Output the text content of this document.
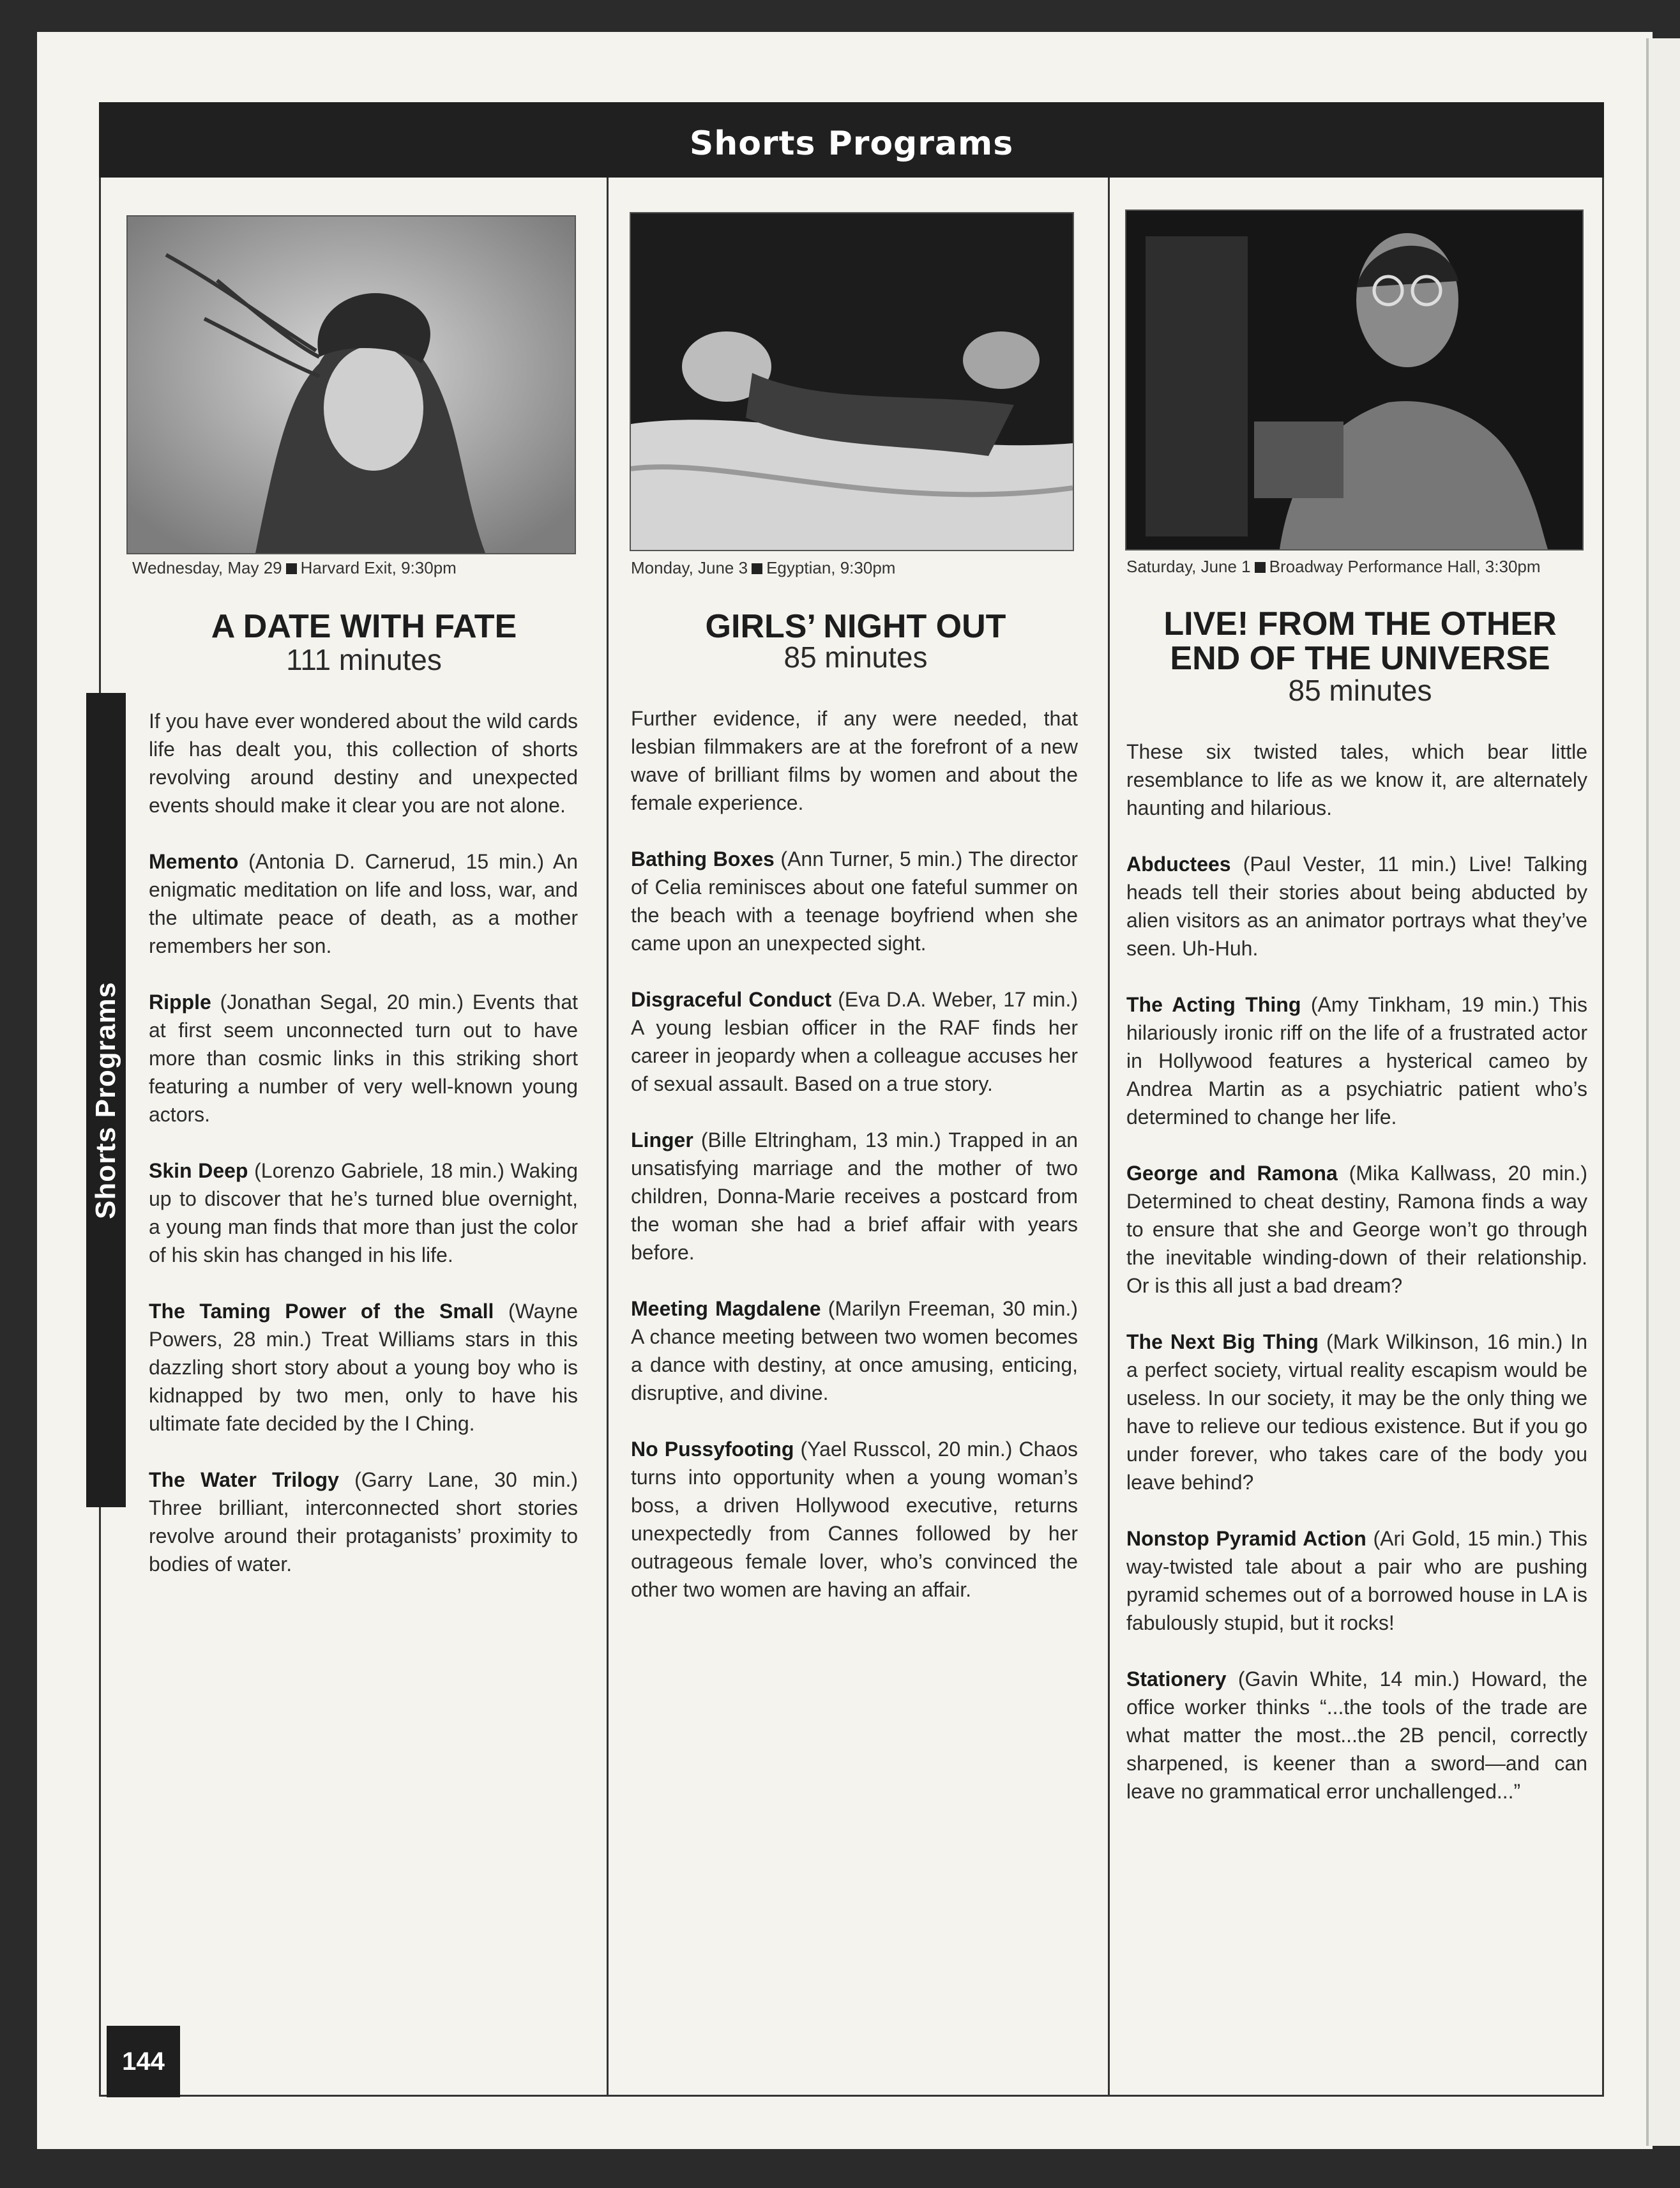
Shorts Programs
Wednesday, May 29 Harvard Exit, 9:30pm
A DATE WITH FATE
111 minutes

If you have ever wondered about the wild cards life has dealt you, this collection of shorts revolving around destiny and unexpected events should make it clear you are not alone.

Memento (Antonia D. Carnerud, 15 min.) An enigmatic meditation on life and loss, war, and the ultimate peace of death, as a mother remembers her son.

Ripple (Jonathan Segal, 20 min.) Events that at first seem unconnected turn out to have more than cosmic links in this striking short featuring a number of very well-known young actors.

Skin Deep (Lorenzo Gabriele, 18 min.) Waking up to discover that he’s turned blue overnight, a young man finds that more than just the color of his skin has changed in his life.

The Taming Power of the Small (Wayne Powers, 28 min.) Treat Williams stars in this dazzling short story about a young boy who is kidnapped by two men, only to have his ultimate fate decided by the I Ching.

The Water Trilogy (Garry Lane, 30 min.) Three brilliant, interconnected short stories revolve around their protaganists’ proximity to bodies of water.

Monday, June 3 Egyptian, 9:30pm
GIRLS’ NIGHT OUT
85 minutes

Further evidence, if any were needed, that lesbian filmmakers are at the forefront of a new wave of brilliant films by women and about the female experience.

Bathing Boxes (Ann Turner, 5 min.) The director of Celia reminisces about one fateful summer on the beach with a teenage boyfriend when she came upon an unexpected sight.

Disgraceful Conduct (Eva D.A. Weber, 17 min.) A young lesbian officer in the RAF finds her career in jeopardy when a colleague accuses her of sexual assault. Based on a true story.

Linger (Bille Eltringham, 13 min.) Trapped in an unsatisfying marriage and the mother of two children, Donna-Marie receives a postcard from the woman she had a brief affair with years before.

Meeting Magdalene (Marilyn Freeman, 30 min.) A chance meeting between two women becomes a dance with destiny, at once amusing, enticing, disruptive, and divine.

No Pussyfooting (Yael Russcol, 20 min.) Chaos turns into opportunity when a young woman’s boss, a driven Hollywood executive, returns unexpectedly from Cannes followed by her outrageous female lover, who’s convinced the other two women are having an affair.

Saturday, June 1 Broadway Performance Hall, 3:30pm
LIVE! FROM THE OTHER
END OF THE UNIVERSE
85 minutes

These six twisted tales, which bear little resemblance to life as we know it, are alternately haunting and hilarious.

Abductees (Paul Vester, 11 min.) Live! Talking heads tell their stories about being abducted by alien visitors as an animator portrays what they’ve seen. Uh-Huh.

The Acting Thing (Amy Tinkham, 19 min.) This hilariously ironic riff on the life of a frustrated actor in Hollywood features a hysterical cameo by Andrea Martin as a psychiatric patient who’s determined to change her life.

George and Ramona (Mika Kallwass, 20 min.) Determined to cheat destiny, Ramona finds a way to ensure that she and George won’t go through the inevitable winding-down of their relationship. Or is this all just a bad dream?

The Next Big Thing (Mark Wilkinson, 16 min.) In a perfect society, virtual reality escapism would be useless. In our society, it may be the only thing we have to relieve our tedious existence. But if you go under forever, who takes care of the body you leave behind?

Nonstop Pyramid Action (Ari Gold, 15 min.) This way-twisted tale about a pair who are pushing pyramid schemes out of a borrowed house in LA is fabulously stupid, but it rocks!

Stationery (Gavin White, 14 min.) Howard, the office worker thinks “...the tools of the trade are what matter the most...the 2B pencil, correctly sharpened, is keener than a sword—and can leave no grammatical error unchallenged...”

Shorts Programs
144
